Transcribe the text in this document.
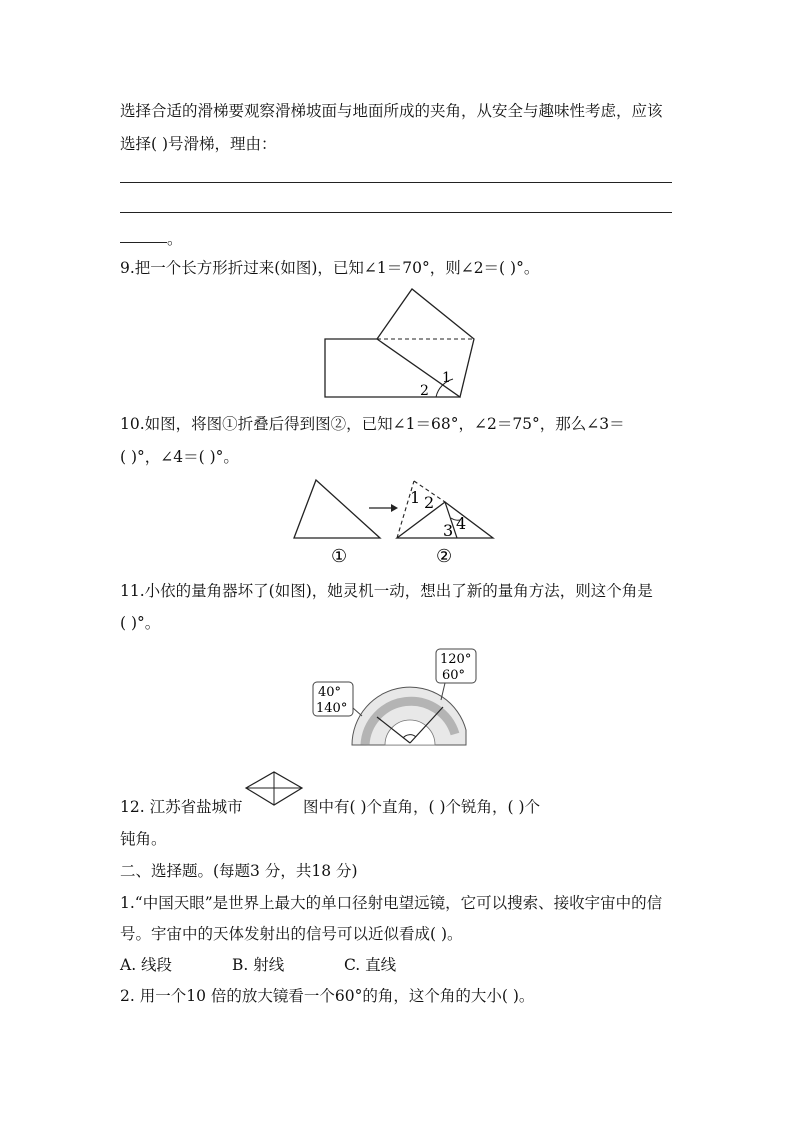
选择合适的滑梯要观察滑梯坡面与地面所成的夹角，从安全与趣味性考虑，应该
选择( )号滑梯，理由：
。
9.把一个长方形折过来(如图)，已知∠1＝70°，则∠2＝( )°。
1
2
10.如图，将图①折叠后得到图②，已知∠1＝68°，∠2＝75°，那么∠3＝
( )°，∠4＝( )°。
1 2
3 4
①	②
11.小依的量角器坏了(如图)，她灵机一动，想出了新的量角方法，则这个角是
( )°。
40°
140°
120°
60°
12. 江苏省盐城市	图中有( )个直角，( )个锐角，( )个
钝角。
二、选择题。(每题3 分，共18 分)
1.“中国天眼”是世界上最大的单口径射电望远镜，它可以搜索、接收宇宙中的信
号。宇宙中的天体发射出的信号可以近似看成( )。
A. 线段	B. 射线	C. 直线
2. 用一个10 倍的放大镜看一个60°的角，这个角的大小( )。
